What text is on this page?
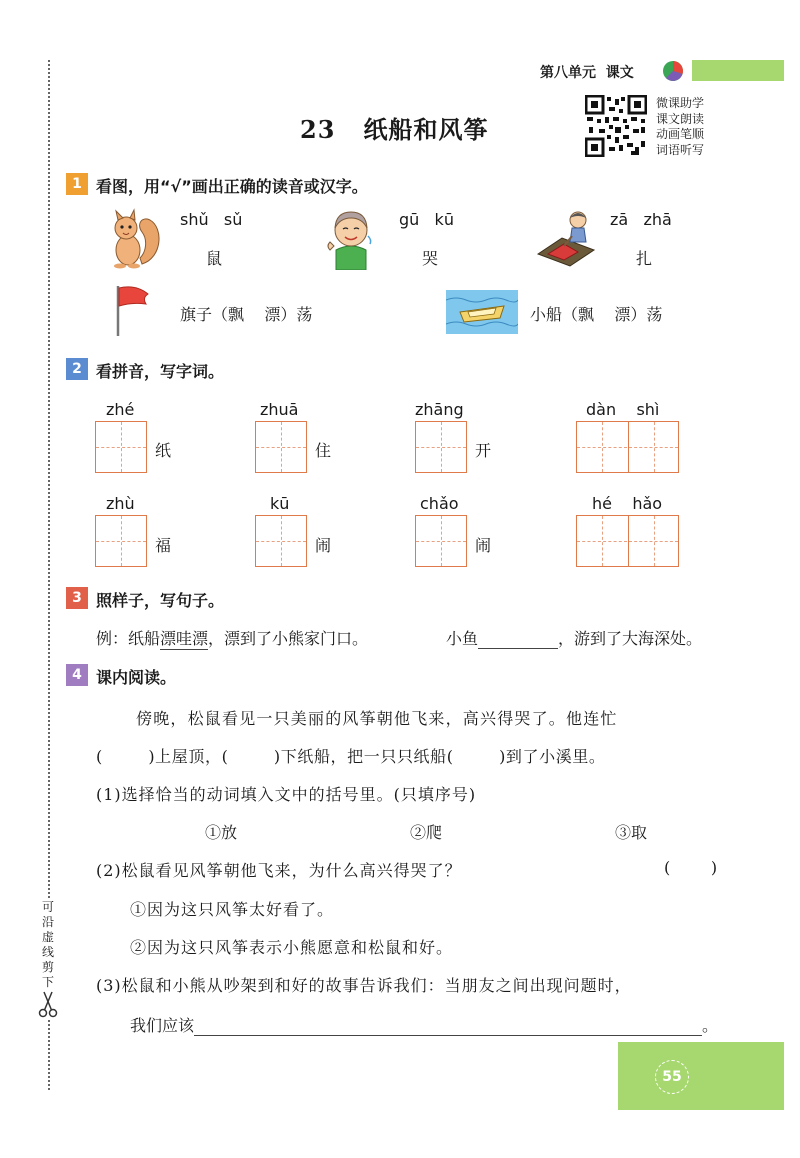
可沿虚线剪下
第八单元 课文
23 纸船和风筝
微课助学
课文朗读
动画笔顺
词语听写
1 看图，用“√”画出正确的读音或汉字。
shǔ   sǔ
鼠
gū   kū
哭
zā   zhā
扎
旗子（飘    漂）荡	小船（飘    漂）荡
2 看拼音，写字词。
zhé
纸
zhuā
住
zhāng
开
dàn    shì
zhù
福
kū
闹
chǎo
闹
hé    hǎo
3 照样子，写句子。
例：纸船漂哇漂，漂到了小熊家门口。	小鱼	，游到了大海深处。
4 课内阅读。
傍晚，松鼠看见一只美丽的风筝朝他飞来，高兴得哭了。他连忙
(        )上屋顶，(        )下纸船，把一只只纸船(        )到了小溪里。
(1)选择恰当的动词填入文中的括号里。(只填序号)
①放	②爬	③取
(2)松鼠看见风筝朝他飞来，为什么高兴得哭了？	(        )
①因为这只风筝太好看了。
②因为这只风筝表示小熊愿意和松鼠和好。
(3)松鼠和小熊从吵架到和好的故事告诉我们：当朋友之间出现问题时，
我们应该	。
55
